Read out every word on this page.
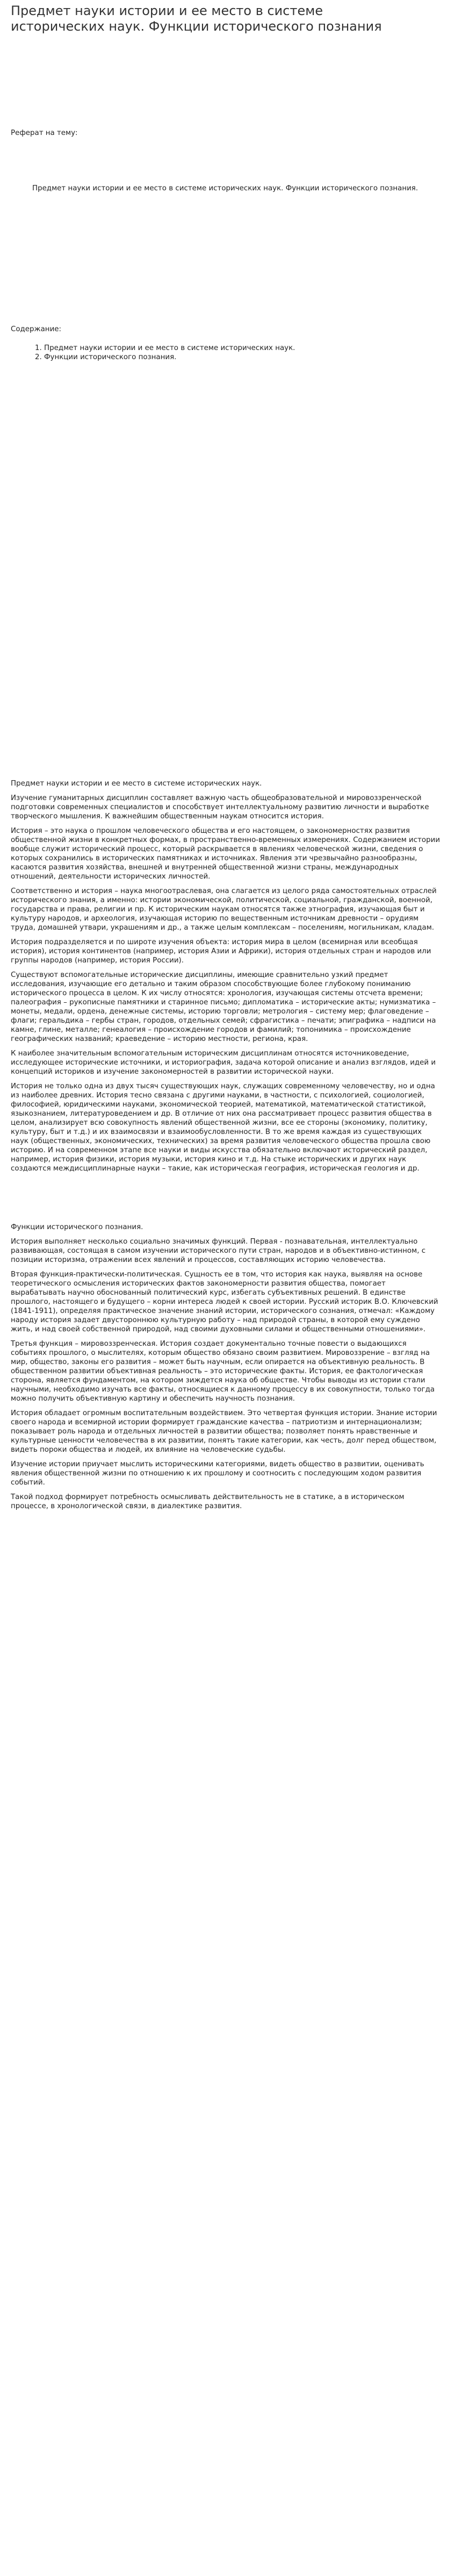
Предмет науки истории и ее место в системе исторических наук. Функции исторического познания

Реферат на тему:

Предмет науки истории и ее место в системе исторических наук. Функции исторического познания.

Содержание:

1. Предмет науки истории и ее место в системе исторических наук.
2. Функции исторического познания.

Предмет науки истории и ее место в системе исторических наук.

Изучение гуманитарных дисциплин составляет важную часть общеобразовательной и мировоззренческой подготовки современных специалистов и способствует интеллектуальному развитию личности и выработке творческого мышления. К важнейшим общественным наукам относится история.

История – это наука о прошлом человеческого общества и его настоящем, о закономерностях развития общественной жизни в конкретных формах, в пространственно-временных измерениях. Содержанием истории вообще служит исторический процесс, который раскрывается в явлениях человеческой жизни, сведения о которых сохранились в исторических памятниках и источниках. Явления эти чрезвычайно разнообразны, касаются развития хозяйства, внешней и внутренней общественной жизни страны, международных отношений, деятельности исторических личностей.

Соответственно и история – наука многоотраслевая, она слагается из целого ряда самостоятельных отраслей исторического знания, а именно: истории экономической, политической, социальной, гражданской, военной, государства и права, религии и пр. К историческим наукам относятся также этнография, изучающая быт и культуру народов, и археология, изучающая историю по вещественным источникам древности – орудиям труда, домашней утвари, украшениям и др., а также целым комплексам – поселениям, могильникам, кладам.

История подразделяется и по широте изучения объекта: история мира в целом (всемирная или всеобщая история), история континентов (например, история Азии и Африки), история отдельных стран и народов или группы народов (например, история России).

Существуют вспомогательные исторические дисциплины, имеющие сравнительно узкий предмет исследования, изучающие его детально и таким образом способствующие более глубокому пониманию исторического процесса в целом. К их числу относятся: хронология, изучающая системы отсчета времени; палеография – рукописные памятники и старинное письмо; дипломатика – исторические акты; нумизматика – монеты, медали, ордена, денежные системы, историю торговли; метрология – систему мер; флаговедение – флаги; геральдика – гербы стран, городов, отдельных семей; сфрагистика – печати; эпиграфика – надписи на камне, глине, металле; генеалогия – происхождение городов и фамилий; топонимика – происхождение географических названий; краеведение – историю местности, региона, края.

К наиболее значительным вспомогательным историческим дисциплинам относятся источниковедение, исследующее исторические источники, и историография, задача которой описание и анализ взглядов, идей и концепций историков и изучение закономерностей в развитии исторической науки.

История не только одна из двух тысяч существующих наук, служащих современному человечеству, но и одна из наиболее древних. История тесно связана с другими науками, в частности, с психологией, социологией, философией, юридическими науками, экономической теорией, математикой, математической статистикой, языкознанием, литературоведением и др. В отличие от них она рассматривает процесс развития общества в целом, анализирует всю совокупность явлений общественной жизни, все ее стороны (экономику, политику, культуру, быт и т.д.) и их взаимосвязи и взаимообусловленности. В то же время каждая из существующих наук (общественных, экономических, технических) за время развития человеческого общества прошла свою историю. И на современном этапе все науки и виды искусства обязательно включают исторический раздел, например, история физики, история музыки, история кино и т.д. На стыке исторических и других наук создаются междисциплинарные науки – такие, как историческая география, историческая геология и др.

Функции исторического познания.

История выполняет несколько социально значимых функций. Первая - познавательная, интеллектуально развивающая, состоящая в самом изучении исторического пути стран, народов и в объективно-истинном, с позиции историзма, отражении всех явлений и процессов, составляющих историю человечества.

Вторая функция-практически-политическая. Сущность ее в том, что история как наука, выявляя на основе теоретического осмысления исторических фактов закономерности развития общества, помогает вырабатывать научно обоснованный политический курс, избегать субъективных решений. В единстве прошлого, настоящего и будущего – корни интереса людей к своей истории. Русский историк В.О. Ключевский (1841-1911), определяя практическое значение знаний истории, исторического сознания, отмечал: «Каждому народу история задает двустороннюю культурную работу – над природой страны, в которой ему суждено жить, и над своей собственной природой, над своими духовными силами и общественными отношениями».

Третья функция – мировоззренческая. История создает документально точные повести о выдающихся событиях прошлого, о мыслителях, которым общество обязано своим развитием. Мировоззрение – взгляд на мир, общество, законы его развития – может быть научным, если опирается на объективную реальность. В общественном развитии объективная реальность – это исторические факты. История, ее фактологическая сторона, является фундаментом, на котором зиждется наука об обществе. Чтобы выводы из истории стали научными, необходимо изучать все факты, относящиеся к данному процессу в их совокупности, только тогда можно получить объективную картину и обеспечить научность познания.

История обладает огромным воспитательным воздействием. Это четвертая функция истории. Знание истории своего народа и всемирной истории формирует гражданские качества – патриотизм и интернационализм; показывает роль народа и отдельных личностей в развитии общества; позволяет понять нравственные и культурные ценности человечества в их развитии, понять такие категории, как честь, долг перед обществом, видеть пороки общества и людей, их влияние на человеческие судьбы.

Изучение истории приучает мыслить историческими категориями, видеть общество в развитии, оценивать явления общественной жизни по отношению к их прошлому и соотносить с последующим ходом развития событий.

Такой подход формирует потребность осмысливать действительность не в статике, а в историческом процессе, в хронологической связи, в диалектике развития.
